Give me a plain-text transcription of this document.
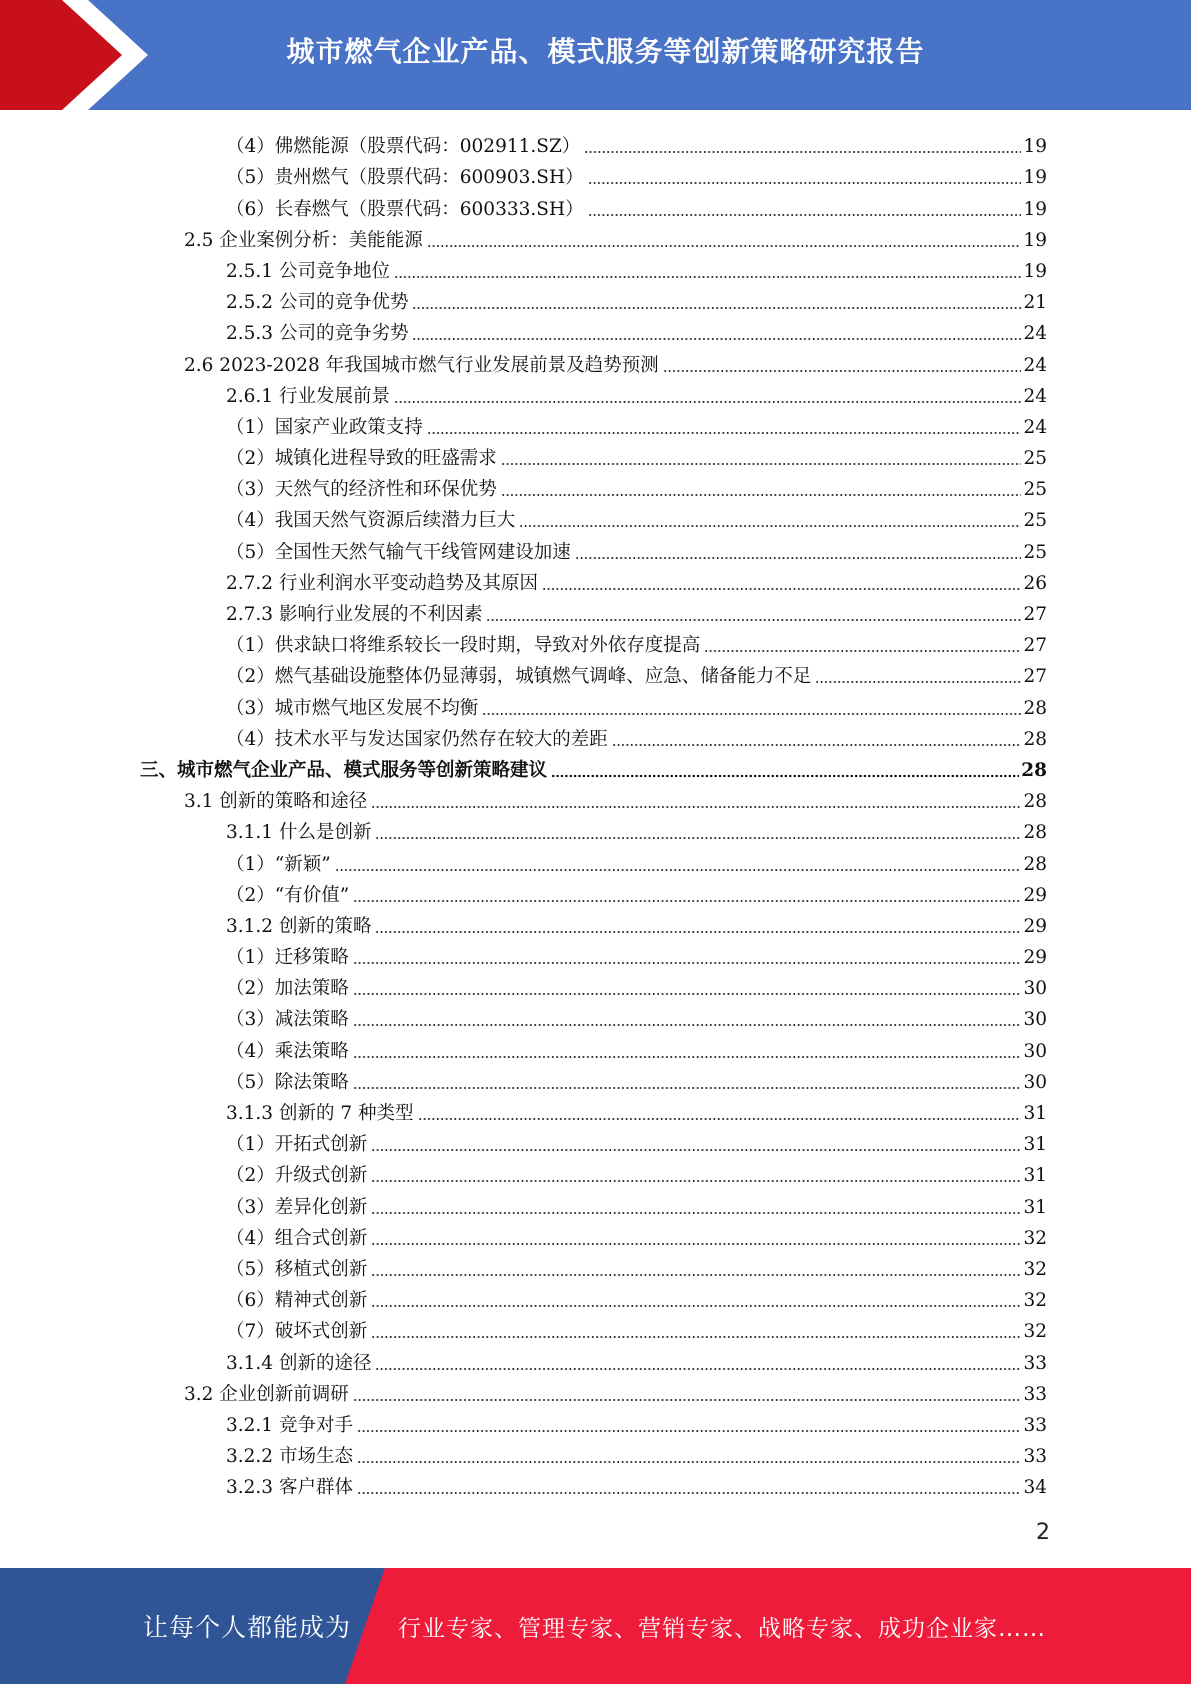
城市燃气企业产品、模式服务等创新策略研究报告
（4）佛燃能源（股票代码：002911.SZ）	19
（5）贵州燃气（股票代码：600903.SH）	19
（6）长春燃气（股票代码：600333.SH）	19
2.5 企业案例分析：美能能源	19
2.5.1 公司竞争地位	19
2.5.2 公司的竞争优势	21
2.5.3 公司的竞争劣势	24
2.6 2023-2028 年我国城市燃气行业发展前景及趋势预测	24
2.6.1 行业发展前景	24
（1）国家产业政策支持	24
（2）城镇化进程导致的旺盛需求	25
（3）天然气的经济性和环保优势	25
（4）我国天然气资源后续潜力巨大	25
（5）全国性天然气输气干线管网建设加速	25
2.7.2 行业利润水平变动趋势及其原因	26
2.7.3 影响行业发展的不利因素	27
（1）供求缺口将维系较长一段时期，导致对外依存度提高	27
（2）燃气基础设施整体仍显薄弱，城镇燃气调峰、应急、储备能力不足	27
（3）城市燃气地区发展不均衡	28
（4）技术水平与发达国家仍然存在较大的差距	28
三、城市燃气企业产品、模式服务等创新策略建议	28
3.1 创新的策略和途径	28
3.1.1 什么是创新	28
（1）“新颖”	28
（2）“有价值”	29
3.1.2 创新的策略	29
（1）迁移策略	29
（2）加法策略	30
（3）减法策略	30
（4）乘法策略	30
（5）除法策略	30
3.1.3 创新的 7 种类型	31
（1）开拓式创新	31
（2）升级式创新	31
（3）差异化创新	31
（4）组合式创新	32
（5）移植式创新	32
（6）精神式创新	32
（7）破坏式创新	32
3.1.4 创新的途径	33
3.2 企业创新前调研	33
3.2.1 竞争对手	33
3.2.2 市场生态	33
3.2.3 客户群体	34
2
让每个人都能成为 行业专家、管理专家、营销专家、战略专家、成功企业家……
